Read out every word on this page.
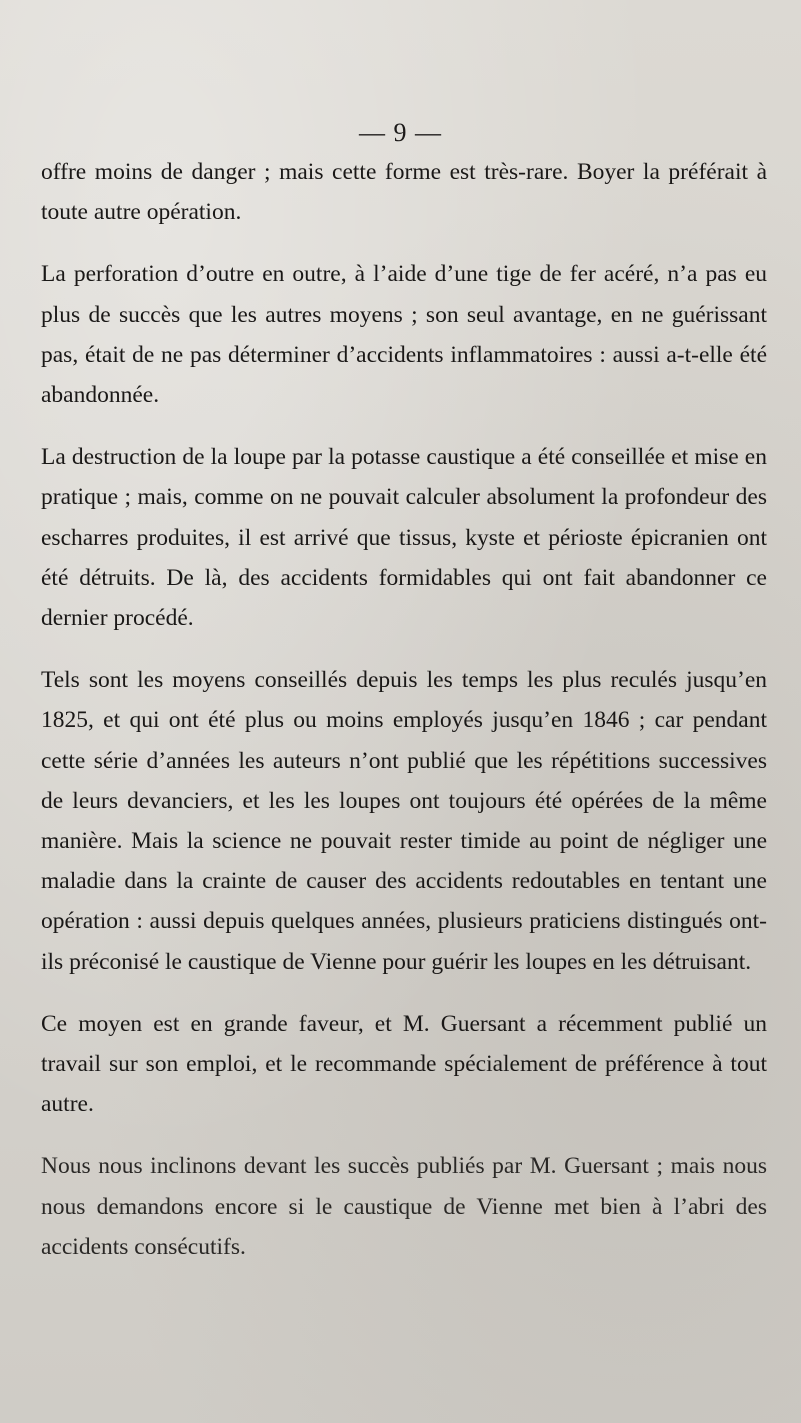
— 9 —

offre moins de danger ; mais cette forme est très-rare. Boyer la préférait à toute autre opération.

La perforation d’outre en outre, à l’aide d’une tige de fer acéré, n’a pas eu plus de succès que les autres moyens ; son seul avantage, en ne guérissant pas, était de ne pas déterminer d’accidents inflammatoires : aussi a-t-elle été abandonnée.

La destruction de la loupe par la potasse caustique a été conseillée et mise en pratique ; mais, comme on ne pouvait calculer absolument la profondeur des escharres produites, il est arrivé que tissus, kyste et périoste épicranien ont été détruits. De là, des accidents formidables qui ont fait abandonner ce dernier procédé.

Tels sont les moyens conseillés depuis les temps les plus reculés jusqu’en 1825, et qui ont été plus ou moins employés jusqu’en 1846 ; car pendant cette série d’années les auteurs n’ont publié que les répétitions successives de leurs devanciers, et les les loupes ont toujours été opérées de la même manière. Mais la science ne pouvait rester timide au point de négliger une maladie dans la crainte de causer des accidents redoutables en tentant une opération : aussi depuis quelques années, plusieurs praticiens distingués ont-ils préconisé le caustique de Vienne pour guérir les loupes en les détruisant.

Ce moyen est en grande faveur, et M. Guersant a récemment publié un travail sur son emploi, et le recommande spécialement de préférence à tout autre.

Nous nous inclinons devant les succès publiés par M. Guersant ; mais nous nous demandons encore si le caustique de Vienne met bien à l’abri des accidents consécutifs.
